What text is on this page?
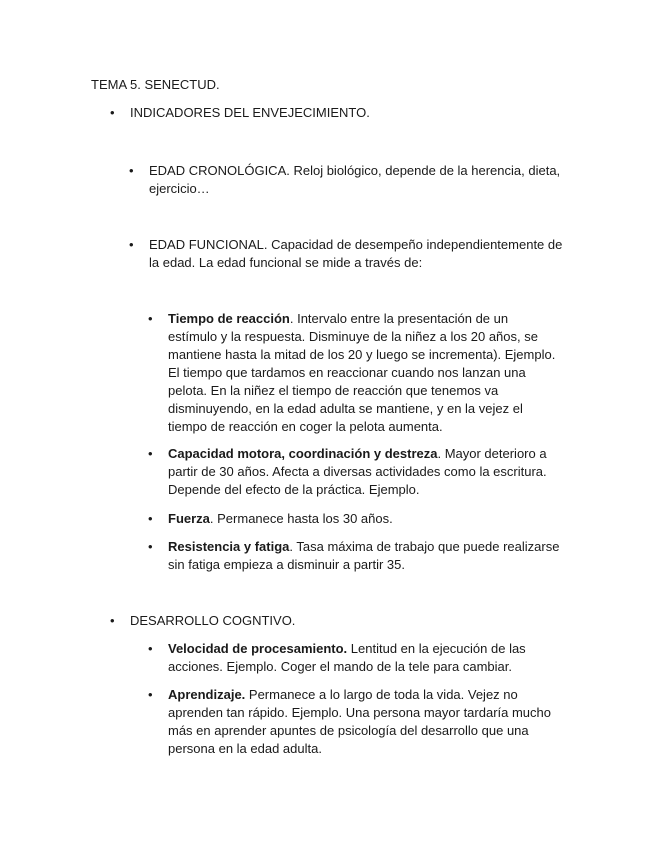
TEMA 5. SENECTUD.
• INDICADORES DEL ENVEJECIMIENTO.
• EDAD CRONOLÓGICA. Reloj biológico, depende de la herencia, dieta, ejercicio…
• EDAD FUNCIONAL. Capacidad de desempeño independientemente de la edad. La edad funcional se mide a través de:
• Tiempo de reacción. Intervalo entre la presentación de un estímulo y la respuesta. Disminuye de la niñez a los 20 años, se mantiene hasta la mitad de los 20 y luego se incrementa). Ejemplo. El tiempo que tardamos en reaccionar cuando nos lanzan una pelota. En la niñez el tiempo de reacción que tenemos va disminuyendo, en la edad adulta se mantiene, y en la vejez el tiempo de reacción en coger la pelota aumenta.
• Capacidad motora, coordinación y destreza. Mayor deterioro a partir de 30 años. Afecta a diversas actividades como la escritura. Depende del efecto de la práctica. Ejemplo.
• Fuerza. Permanece hasta los 30 años.
• Resistencia y fatiga. Tasa máxima de trabajo que puede realizarse sin fatiga empieza a disminuir a partir 35.
• DESARROLLO COGNTIVO.
• Velocidad de procesamiento. Lentitud en la ejecución de las acciones. Ejemplo. Coger el mando de la tele para cambiar.
• Aprendizaje. Permanece a lo largo de toda la vida. Vejez no aprenden tan rápido. Ejemplo. Una persona mayor tardaría mucho más en aprender apuntes de psicología del desarrollo que una persona en la edad adulta.
